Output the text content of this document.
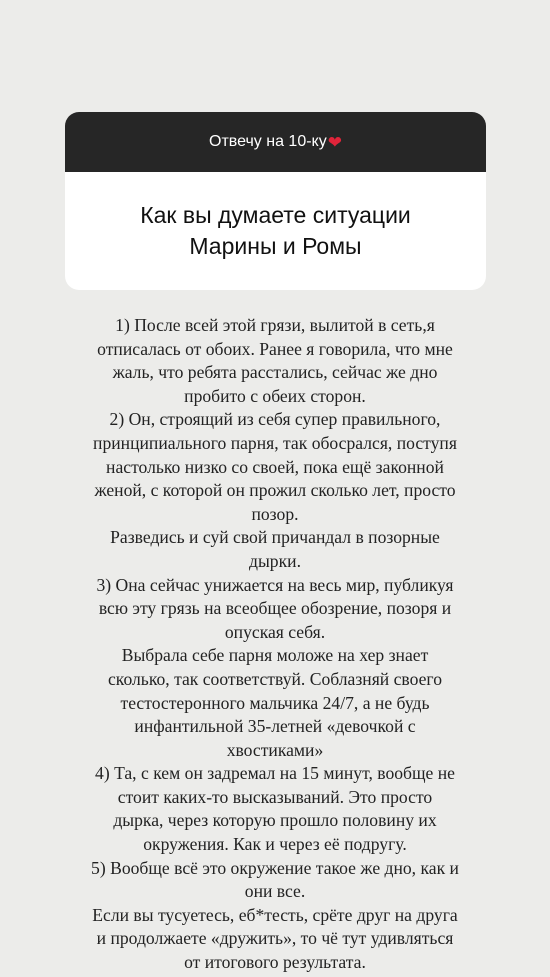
Отвечу на 10-ку ❤
Как вы думаете ситуации
Марины и Ромы
1) После всей этой грязи, вылитой в сеть,я
отписалась от обоих. Ранее я говорила, что мне
жаль, что ребята расстались, сейчас же дно
пробито с обеих сторон.
2) Он, строящий из себя супер правильного,
принципиального парня, так обосрался, поступя
настолько низко со своей, пока ещё законной
женой, с которой он прожил сколько лет, просто
позор.
Разведись и суй свой причандал в позорные
дырки.
3) Она сейчас унижается на весь мир, публикуя
всю эту грязь на всеобщее обозрение, позоря и
опуская себя.
Выбрала себе парня моложе на хер знает
сколько, так соответствуй. Соблазняй своего
тестостеронного мальчика 24/7, а не будь
инфантильной 35-летней «девочкой с
хвостиками»
4) Та, с кем он задремал на 15 минут, вообще не
стоит каких-то высказываний. Это просто
дырка, через которую прошло половину их
окружения. Как и через её подругу.
5) Вообще всё это окружение такое же дно, как и
они все.
Если вы тусуетесь, еб*тесть, срёте друг на друга
и продолжаете «дружить», то чё тут удивляться
от итогового результата.
